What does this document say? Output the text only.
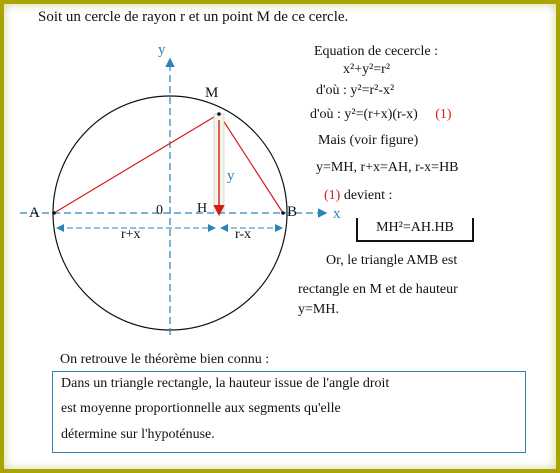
Soit un cercle de rayon r et un point M de ce cercle.
y
x
M
A	B
0 H
y
r+x	r-x
Equation de cecercle :
x²+y²=r²
d'où : y²=r²-x²
d'où : y²=(r+x)(r-x) (1)
Mais (voir figure)
y=MH, r+x=AH, r-x=HB
(1) devient :
MH²=AH.HB
Or, le triangle AMB est
rectangle en M et de hauteur
y=MH.
On retrouve le théorème bien connu :
Dans un triangle rectangle, la hauteur issue de l'angle droit
est moyenne proportionnelle aux segments qu'elle
détermine sur l'hypoténuse.
